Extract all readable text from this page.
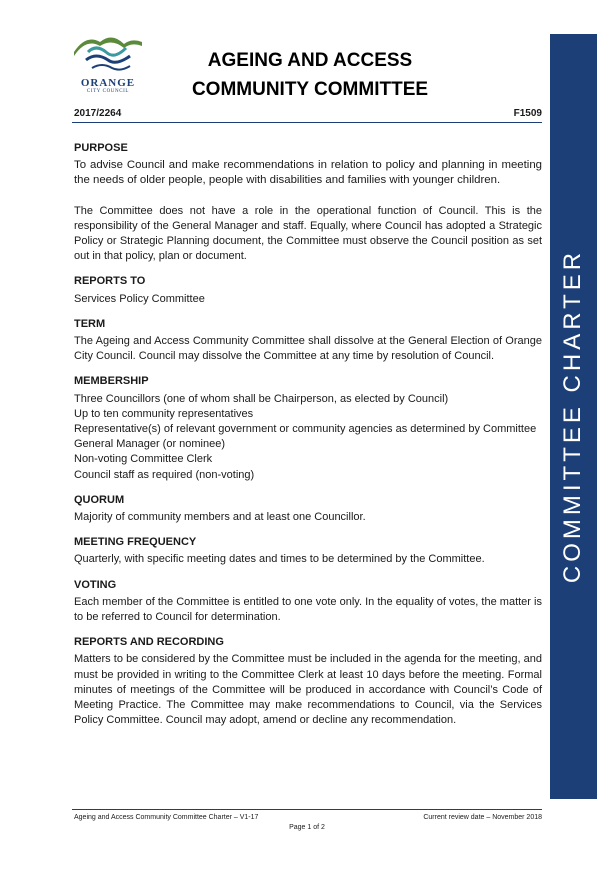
ORANGE
CITY COUNCIL
AGEING AND ACCESS
COMMUNITY COMMITTEE
2017/2264	F1509
COMMITTEE CHARTER
PURPOSE
To advise Council and make recommendations in relation to policy and planning in meeting the needs of older people, people with disabilities and families with younger children.
The Committee does not have a role in the operational function of Council. This is the responsibility of the General Manager and staff. Equally, where Council has adopted a Strategic Policy or Strategic Planning document, the Committee must observe the Council position as set out in that policy, plan or document.
REPORTS TO
Services Policy Committee
TERM
The Ageing and Access Community Committee shall dissolve at the General Election of Orange City Council. Council may dissolve the Committee at any time by resolution of Council.
MEMBERSHIP
Three Councillors (one of whom shall be Chairperson, as elected by Council)
Up to ten community representatives
Representative(s) of relevant government or community agencies as determined by Committee
General Manager (or nominee)
Non-voting Committee Clerk
Council staff as required (non-voting)
QUORUM
Majority of community members and at least one Councillor.
MEETING FREQUENCY
Quarterly, with specific meeting dates and times to be determined by the Committee.
VOTING
Each member of the Committee is entitled to one vote only. In the equality of votes, the matter is to be referred to Council for determination.
REPORTS AND RECORDING
Matters to be considered by the Committee must be included in the agenda for the meeting, and must be provided in writing to the Committee Clerk at least 10 days before the meeting. Formal minutes of meetings of the Committee will be produced in accordance with Council’s Code of Meeting Practice. The Committee may make recommendations to Council, via the Services Policy Committee. Council may adopt, amend or decline any recommendation.
Ageing and Access Community Committee Charter – V1-17	Current review date – November 2018
Page 1 of 2
